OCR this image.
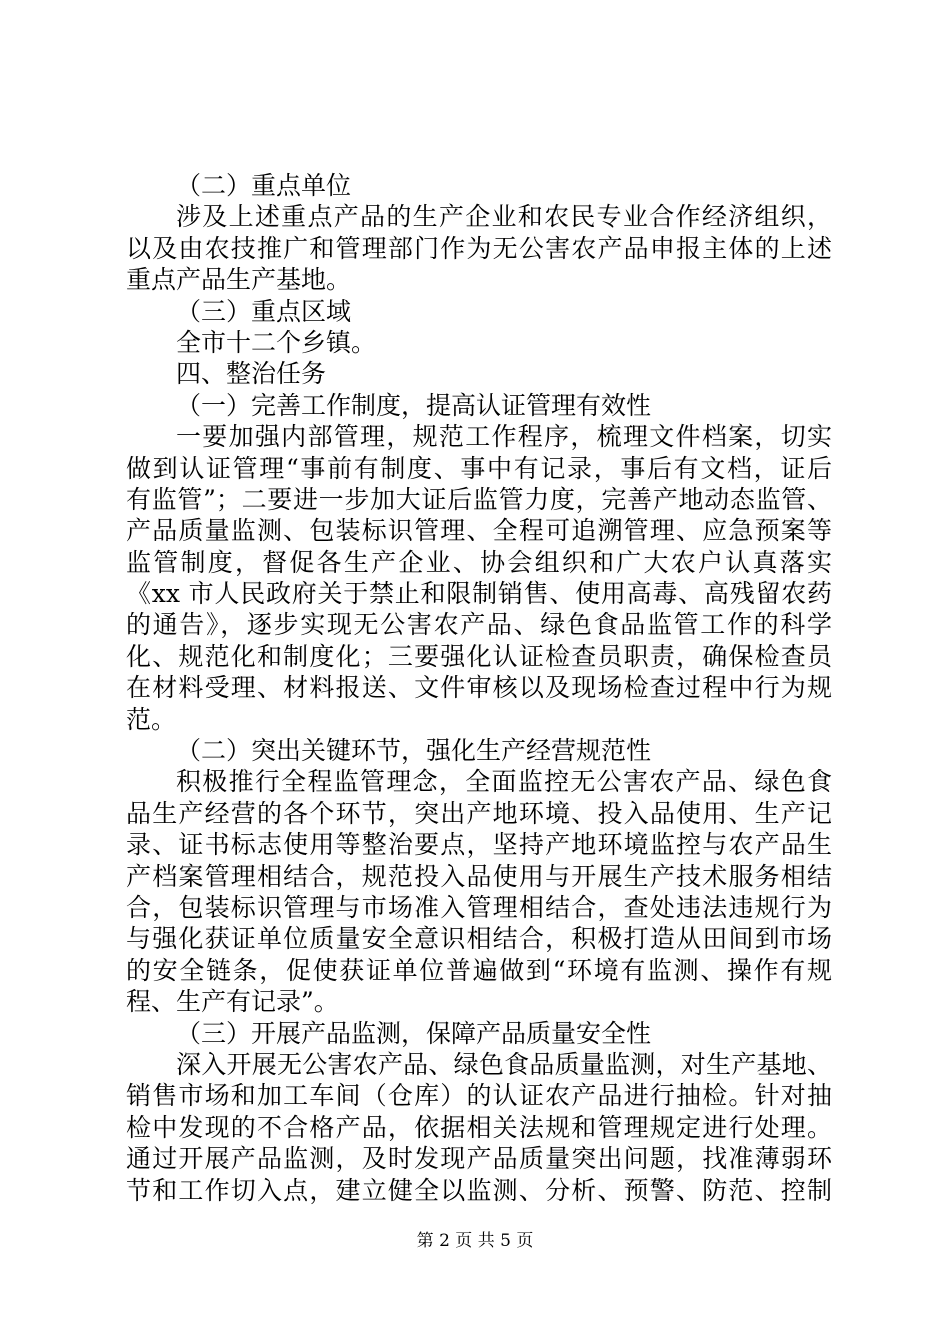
（二）重点单位
涉及上述重点产品的生产企业和农民专业合作经济组织，
以及由农技推广和管理部门作为无公害农产品申报主体的上述
重点产品生产基地。
（三）重点区域
全市十二个乡镇。
四、整治任务
（一）完善工作制度，提高认证管理有效性
一要加强内部管理，规范工作程序，梳理文件档案，切实
做到认证管理“事前有制度、事中有记录，事后有文档，证后
有监管”；二要进一步加大证后监管力度，完善产地动态监管、
产品质量监测、包装标识管理、全程可追溯管理、应急预案等
监管制度，督促各生产企业、协会组织和广大农户认真落实
《xx 市人民政府关于禁止和限制销售、使用高毒、高残留农药
的通告》，逐步实现无公害农产品、绿色食品监管工作的科学
化、规范化和制度化；三要强化认证检查员职责，确保检查员
在材料受理、材料报送、文件审核以及现场检查过程中行为规
范。
（二）突出关键环节，强化生产经营规范性
积极推行全程监管理念，全面监控无公害农产品、绿色食
品生产经营的各个环节，突出产地环境、投入品使用、生产记
录、证书标志使用等整治要点，坚持产地环境监控与农产品生
产档案管理相结合，规范投入品使用与开展生产技术服务相结
合，包装标识管理与市场准入管理相结合，查处违法违规行为
与强化获证单位质量安全意识相结合，积极打造从田间到市场
的安全链条，促使获证单位普遍做到“环境有监测、操作有规
程、生产有记录”。
（三）开展产品监测，保障产品质量安全性
深入开展无公害农产品、绿色食品质量监测，对生产基地、
销售市场和加工车间（仓库）的认证农产品进行抽检。针对抽
检中发现的不合格产品，依据相关法规和管理规定进行处理。
通过开展产品监测，及时发现产品质量突出问题，找准薄弱环
节和工作切入点，建立健全以监测、分析、预警、防范、控制
第 2 页 共 5 页
